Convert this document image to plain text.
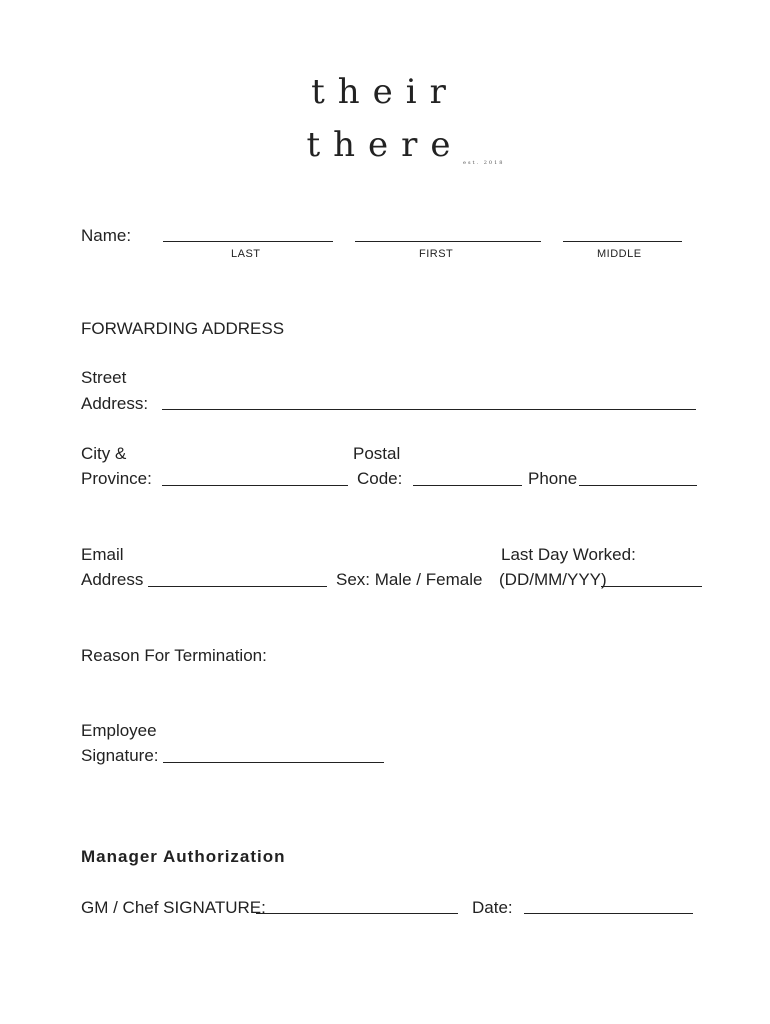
their
there est. 2018
Name:
LAST	FIRST	MIDDLE
FORWARDING ADDRESS
Street
Address:
City &
Province:
Postal
Code:	Phone
Email
Address	Sex: Male / Female
Last Day Worked:
(DD/MM/YYY)
Reason For Termination:
Employee
Signature:
Manager Authorization
GM / Chef SIGNATURE:	Date:
